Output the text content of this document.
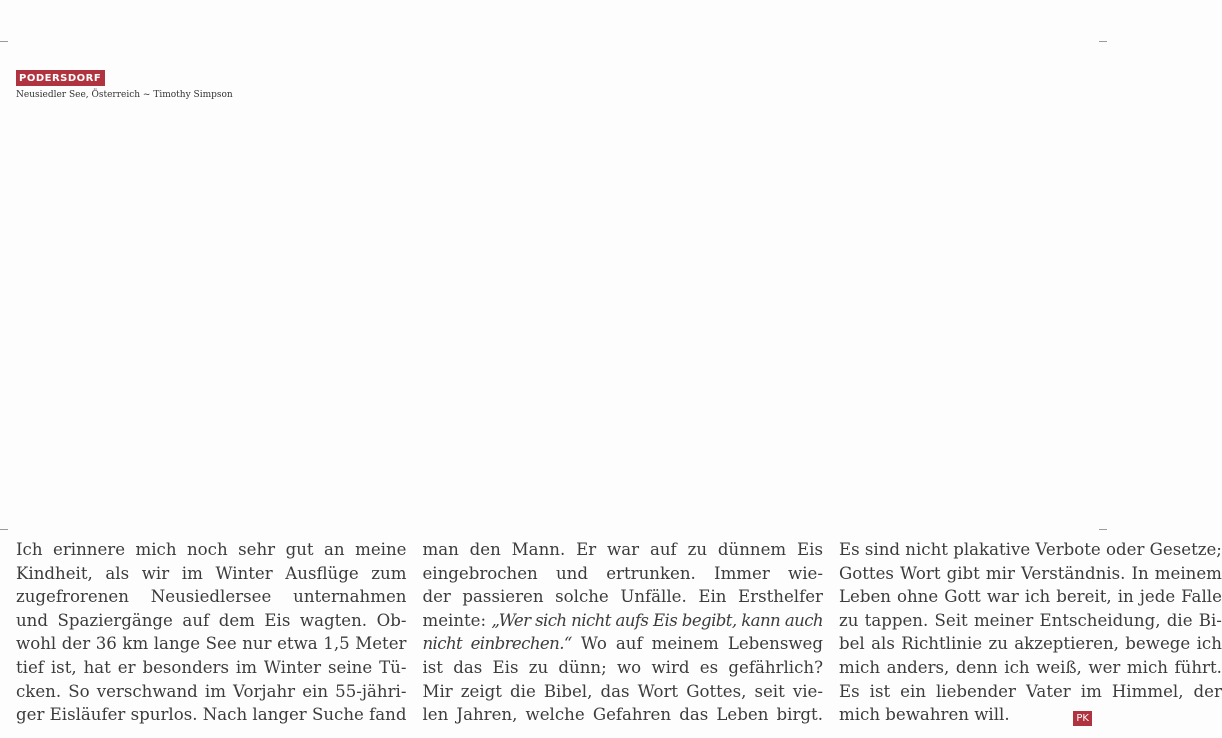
PODERSDORF
Neusiedler See, Österreich ~ Timothy Simpson
Ich erinnere mich noch sehr gut an meine
Kindheit, als wir im Winter Ausflüge zum
zugefrorenen Neusiedlersee unternahmen
und Spaziergänge auf dem Eis wagten. Ob-
wohl der 36 km lange See nur etwa 1,5 Meter
tief ist, hat er besonders im Winter seine Tü-
cken. So verschwand im Vorjahr ein 55-jähri-
ger Eisläufer spurlos. Nach langer Suche fand
man den Mann. Er war auf zu dünnem Eis
eingebrochen und ertrunken. Immer wie-
der passieren solche Unfälle. Ein Ersthelfer
meinte: „Wer sich nicht aufs Eis begibt, kann auch
nicht einbrechen.“ Wo auf meinem Lebensweg
ist das Eis zu dünn; wo wird es gefährlich?
Mir zeigt die Bibel, das Wort Gottes, seit vie-
len Jahren, welche Gefahren das Leben birgt.
Es sind nicht plakative Verbote oder Gesetze;
Gottes Wort gibt mir Verständnis. In meinem
Leben ohne Gott war ich bereit, in jede Falle
zu tappen. Seit meiner Entscheidung, die Bi-
bel als Richtlinie zu akzeptieren, bewege ich
mich anders, denn ich weiß, wer mich führt.
Es ist ein liebender Vater im Himmel, der
mich bewahren will.	PK
